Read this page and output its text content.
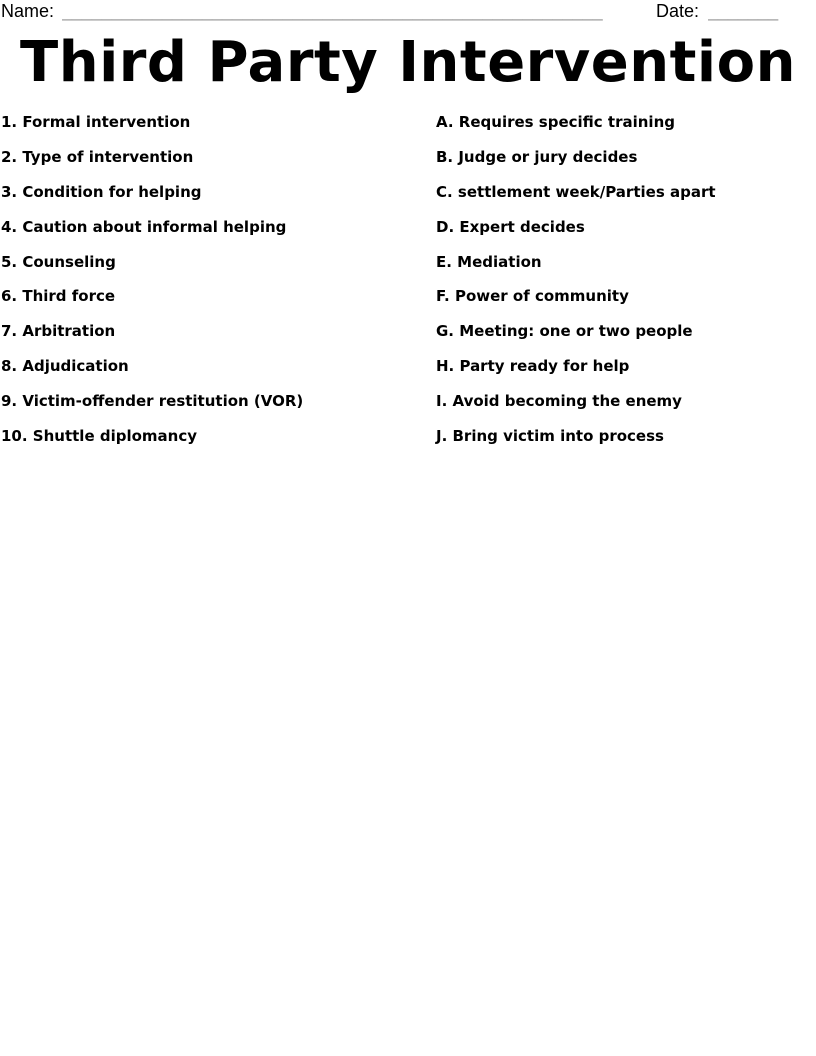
Name: ______________________________________________________	Date: _______
Third Party Intervention
1. Formal intervention
2. Type of intervention
3. Condition for helping
4. Caution about informal helping
5. Counseling
6. Third force
7. Arbitration
8. Adjudication
9. Victim-offender restitution (VOR)
10. Shuttle diplomancy
A. Requires specific training
B. Judge or jury decides
C. settlement week/Parties apart
D. Expert decides
E. Mediation
F. Power of community
G. Meeting: one or two people
H. Party ready for help
I. Avoid becoming the enemy
J. Bring victim into process
